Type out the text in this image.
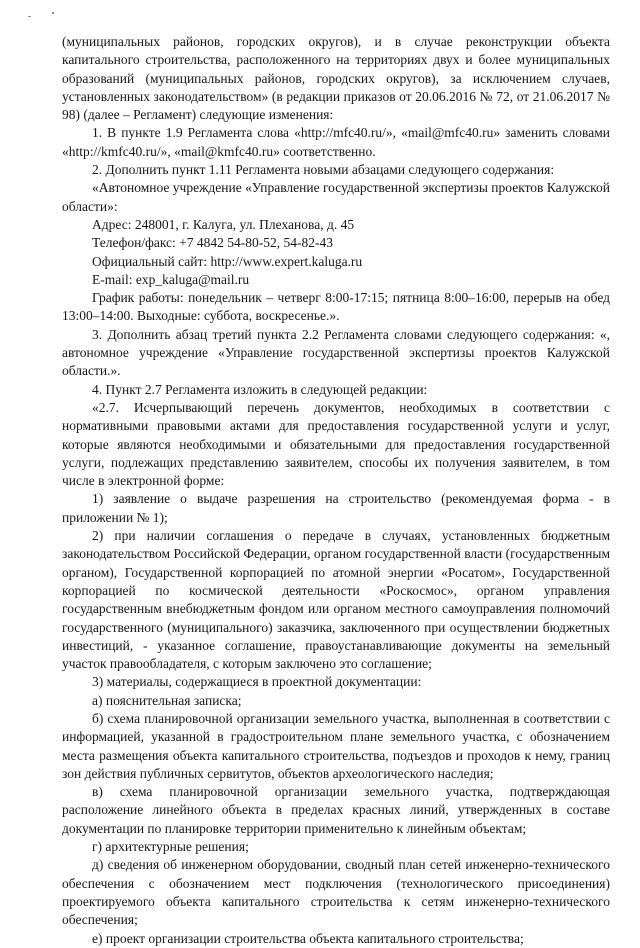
(муниципальных районов, городских округов), и в случае реконструкции объекта капитального строительства, расположенного на территориях двух и более муниципальных образований (муниципальных районов, городских округов), за исключением случаев, установленных законодательством» (в редакции приказов от 20.06.2016 № 72, от 21.06.2017 № 98) (далее – Регламент) следующие изменения:

1. В пункте 1.9 Регламента слова «http://mfc40.ru/», «mail@mfc40.ru» заменить словами «http://kmfc40.ru/», «mail@kmfc40.ru» соответственно.

2. Дополнить пункт 1.11 Регламента новыми абзацами следующего содержания:

«Автономное учреждение «Управление государственной экспертизы проектов Калужской области»:

Адрес: 248001, г. Калуга, ул. Плеханова, д. 45

Телефон/факс: +7 4842 54-80-52, 54-82-43

Официальный сайт: http://www.expert.kaluga.ru

E-mail: exp_kaluga@mail.ru

График работы: понедельник – четверг 8:00-17:15; пятница 8:00–16:00, перерыв на обед 13:00–14:00. Выходные: суббота, воскресенье.».

3. Дополнить абзац третий пункта 2.2 Регламента словами следующего содержания: «, автономное учреждение «Управление государственной экспертизы проектов Калужской области.».

4. Пункт 2.7 Регламента изложить в следующей редакции:

«2.7. Исчерпывающий перечень документов, необходимых в соответствии с нормативными правовыми актами для предоставления государственной услуги и услуг, которые являются необходимыми и обязательными для предоставления государственной услуги, подлежащих представлению заявителем, способы их получения заявителем, в том числе в электронной форме:

1) заявление о выдаче разрешения на строительство (рекомендуемая форма - в приложении № 1);

2) при наличии соглашения о передаче в случаях, установленных бюджетным законодательством Российской Федерации, органом государственной власти (государственным органом), Государственной корпорацией по атомной энергии «Росатом», Государственной корпорацией по космической деятельности «Роскосмос», органом управления государственным внебюджетным фондом или органом местного самоуправления полномочий государственного (муниципального) заказчика, заключенного при осуществлении бюджетных инвестиций, - указанное соглашение, правоустанавливающие документы на земельный участок правообладателя, с которым заключено это соглашение;

3) материалы, содержащиеся в проектной документации:

а) пояснительная записка;

б) схема планировочной организации земельного участка, выполненная в соответствии с информацией, указанной в градостроительном плане земельного участка, с обозначением места размещения объекта капитального строительства, подъездов и проходов к нему, границ зон действия публичных сервитутов, объектов археологического наследия;

в) схема планировочной организации земельного участка, подтверждающая расположение линейного объекта в пределах красных линий, утвержденных в составе документации по планировке территории применительно к линейным объектам;

г) архитектурные решения;

д) сведения об инженерном оборудовании, сводный план сетей инженерно-технического обеспечения с обозначением мест подключения (технологического присоединения) проектируемого объекта капитального строительства к сетям инженерно-технического обеспечения;

е) проект организации строительства объекта капитального строительства;
